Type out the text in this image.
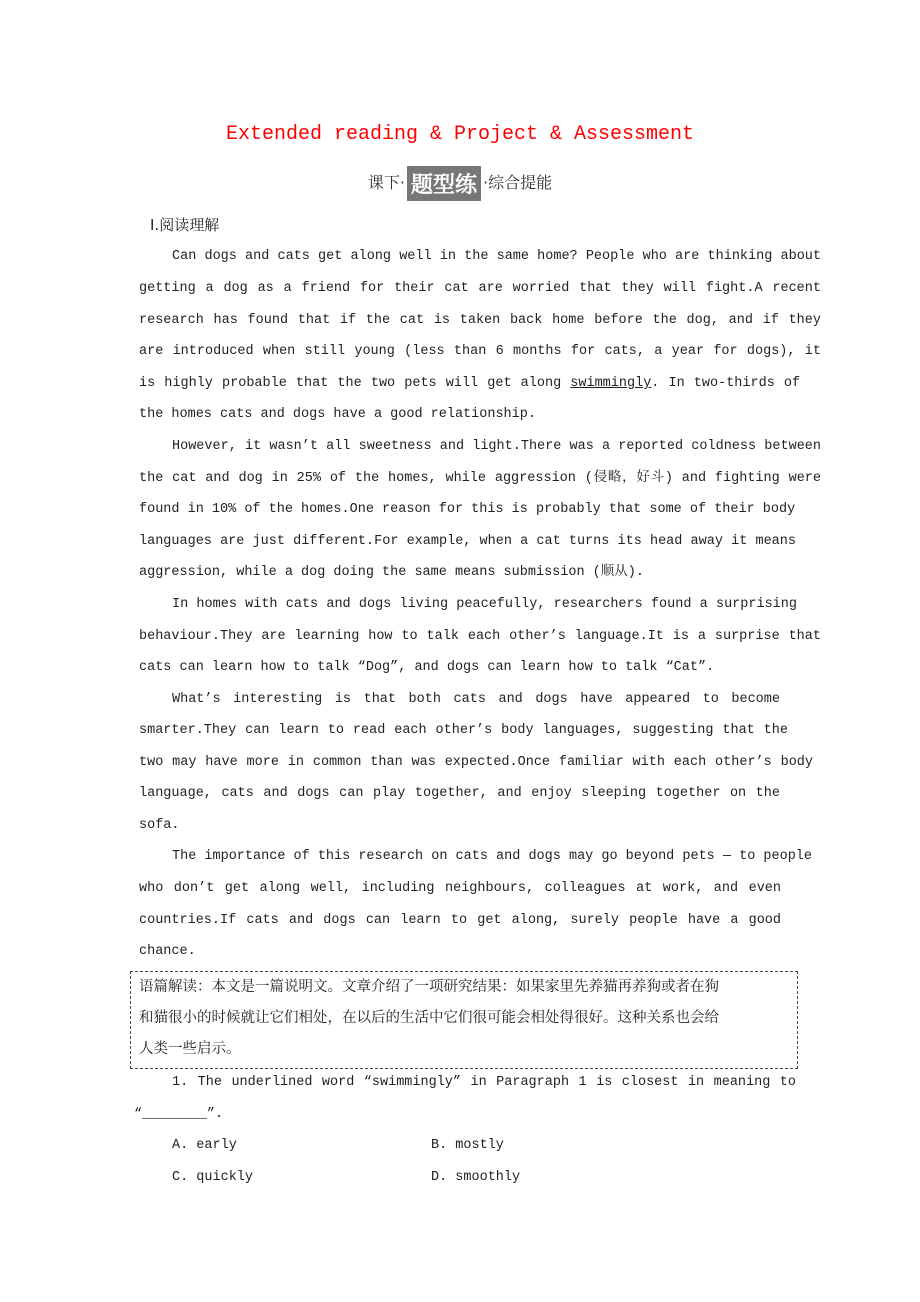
Extended reading & Project & Assessment
课下· 题型练 ·综合提能
Ⅰ.阅读理解
Can dogs and cats get along well in the same home? People who are thinking about
getting a dog as a friend for their cat are worried that they will fight.A recent
research has found that if the cat is taken back home before the dog, and if they
are introduced when still young (less than 6 months for cats, a year for dogs), it
is highly probable that the two pets will get along swimmingly. In two-thirds of
the homes cats and dogs have a good relationship.
However, it wasn’t all sweetness and light.There was a reported coldness between
the cat and dog in 25% of the homes, while aggression (侵略，好斗) and fighting were
found in 10% of the homes.One reason for this is probably that some of their body
languages are just different.For example, when a cat turns its head away it means
aggression, while a dog doing the same means submission (顺从).
In homes with cats and dogs living peacefully, researchers found a surprising
behaviour.They are learning how to talk each other’s language.It is a surprise that
cats can learn how to talk “Dog”, and dogs can learn how to talk “Cat”.
What’s interesting is that both cats and dogs have appeared to become
smarter.They can learn to read each other’s body languages, suggesting that the
two may have more in common than was expected.Once familiar with each other’s body
language, cats and dogs can play together, and enjoy sleeping together on the
sofa.
The importance of this research on cats and dogs may go beyond pets — to people
who don’t get along well, including neighbours, colleagues at work, and even
countries.If cats and dogs can learn to get along, surely people have a good
chance.
语篇解读：本文是一篇说明文。文章介绍了一项研究结果：如果家里先养猫再养狗或者在狗
和猫很小的时候就让它们相处，在以后的生活中它们很可能会相处得很好。这种关系也会给
人类一些启示。
1. The underlined word “swimmingly” in Paragraph 1 is closest in meaning to
“________”.
A. early	B. mostly
C. quickly	D. smoothly
